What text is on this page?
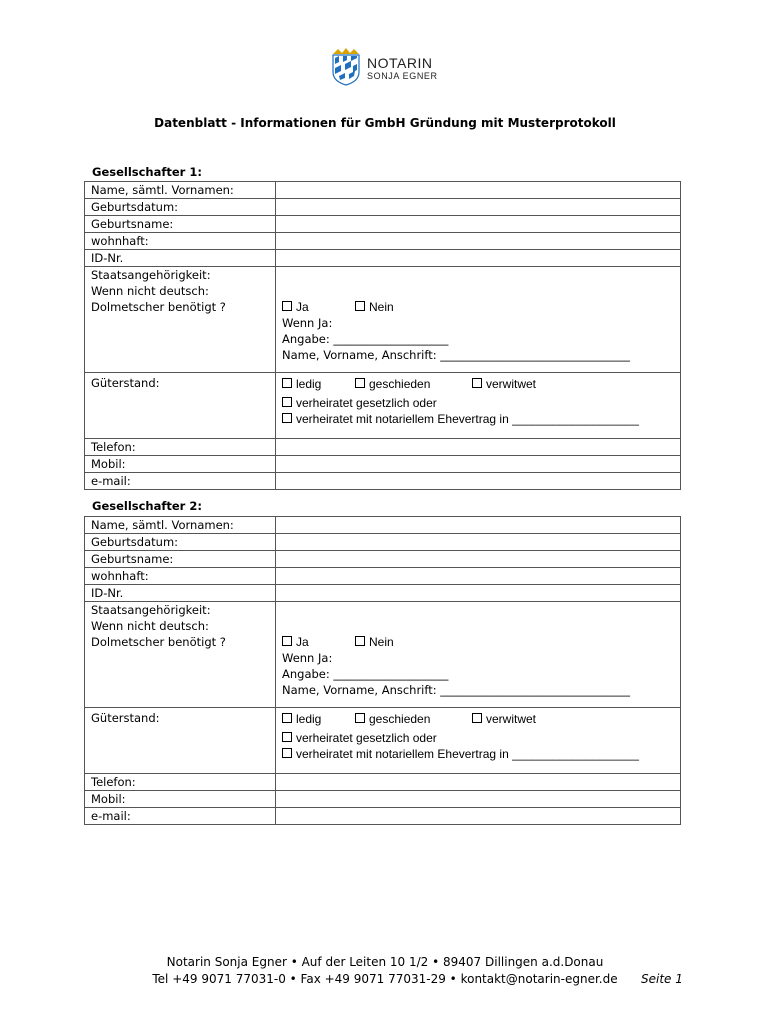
NOTARIN
SONJA EGNER
Datenblatt - Informationen für GmbH Gründung mit Musterprotokoll
Gesellschafter 1:
Name, sämtl. Vornamen:	
Geburtsdatum:	
Geburtsname:	
wohnhaft:	
ID-Nr.	

Staatsangehörigkeit:
Wenn nicht deutsch:
Dolmetscher benötigt ?	Ja Nein
Wenn Ja:
Angabe: ____________________
Name, Vorname, Anschrift: _________________________________

Güterstand:	ledig geschieden verwitwet
verheiratet gesetzlich oder
verheiratet mit notariellem Ehevertrag in ___________________

Telefon:	
Mobil:	
e-mail:	
Gesellschafter 2:
Name, sämtl. Vornamen:	
Geburtsdatum:	
Geburtsname:	
wohnhaft:	
ID-Nr.	

Staatsangehörigkeit:
Wenn nicht deutsch:
Dolmetscher benötigt ?	Ja Nein
Wenn Ja:
Angabe: ____________________
Name, Vorname, Anschrift: _________________________________

Güterstand:	ledig geschieden verwitwet
verheiratet gesetzlich oder
verheiratet mit notariellem Ehevertrag in ___________________

Telefon:	
Mobil:	
e-mail:	
Notarin Sonja Egner • Auf der Leiten 10 1/2 • 89407 Dillingen a.d.Donau
Tel +49 9071 77031-0 • Fax +49 9071 77031-29 • kontakt@notarin-egner.de	Seite 1
